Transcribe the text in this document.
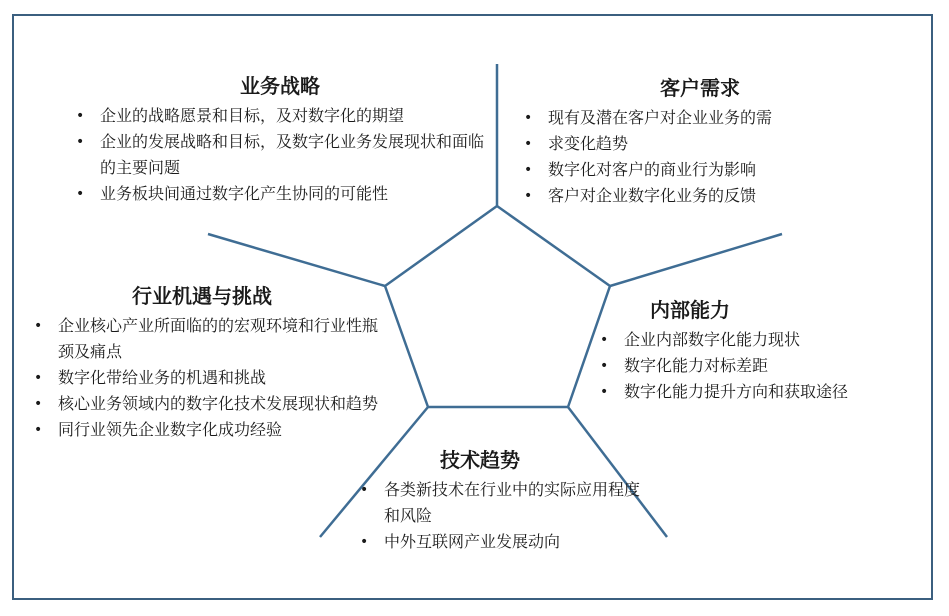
业务战略
• 企业的战略愿景和目标，及对数字化的期望
• 企业的发展战略和目标，及数字化业务发展现状和面临的主要问题
• 业务板块间通过数字化产生协同的可能性
客户需求
• 现有及潜在客户对企业业务的需
• 求变化趋势
• 数字化对客户的商业行为影响
• 客户对企业数字化业务的反馈
行业机遇与挑战
• 企业核心产业所面临的的宏观环境和行业性瓶颈及痛点
• 数字化带给业务的机遇和挑战
• 核心业务领域内的数字化技术发展现状和趋势
• 同行业领先企业数字化成功经验
内部能力
• 企业内部数字化能力现状
• 数字化能力对标差距
• 数字化能力提升方向和获取途径
技术趋势
• 各类新技术在行业中的实际应用程度和风险
• 中外互联网产业发展动向
